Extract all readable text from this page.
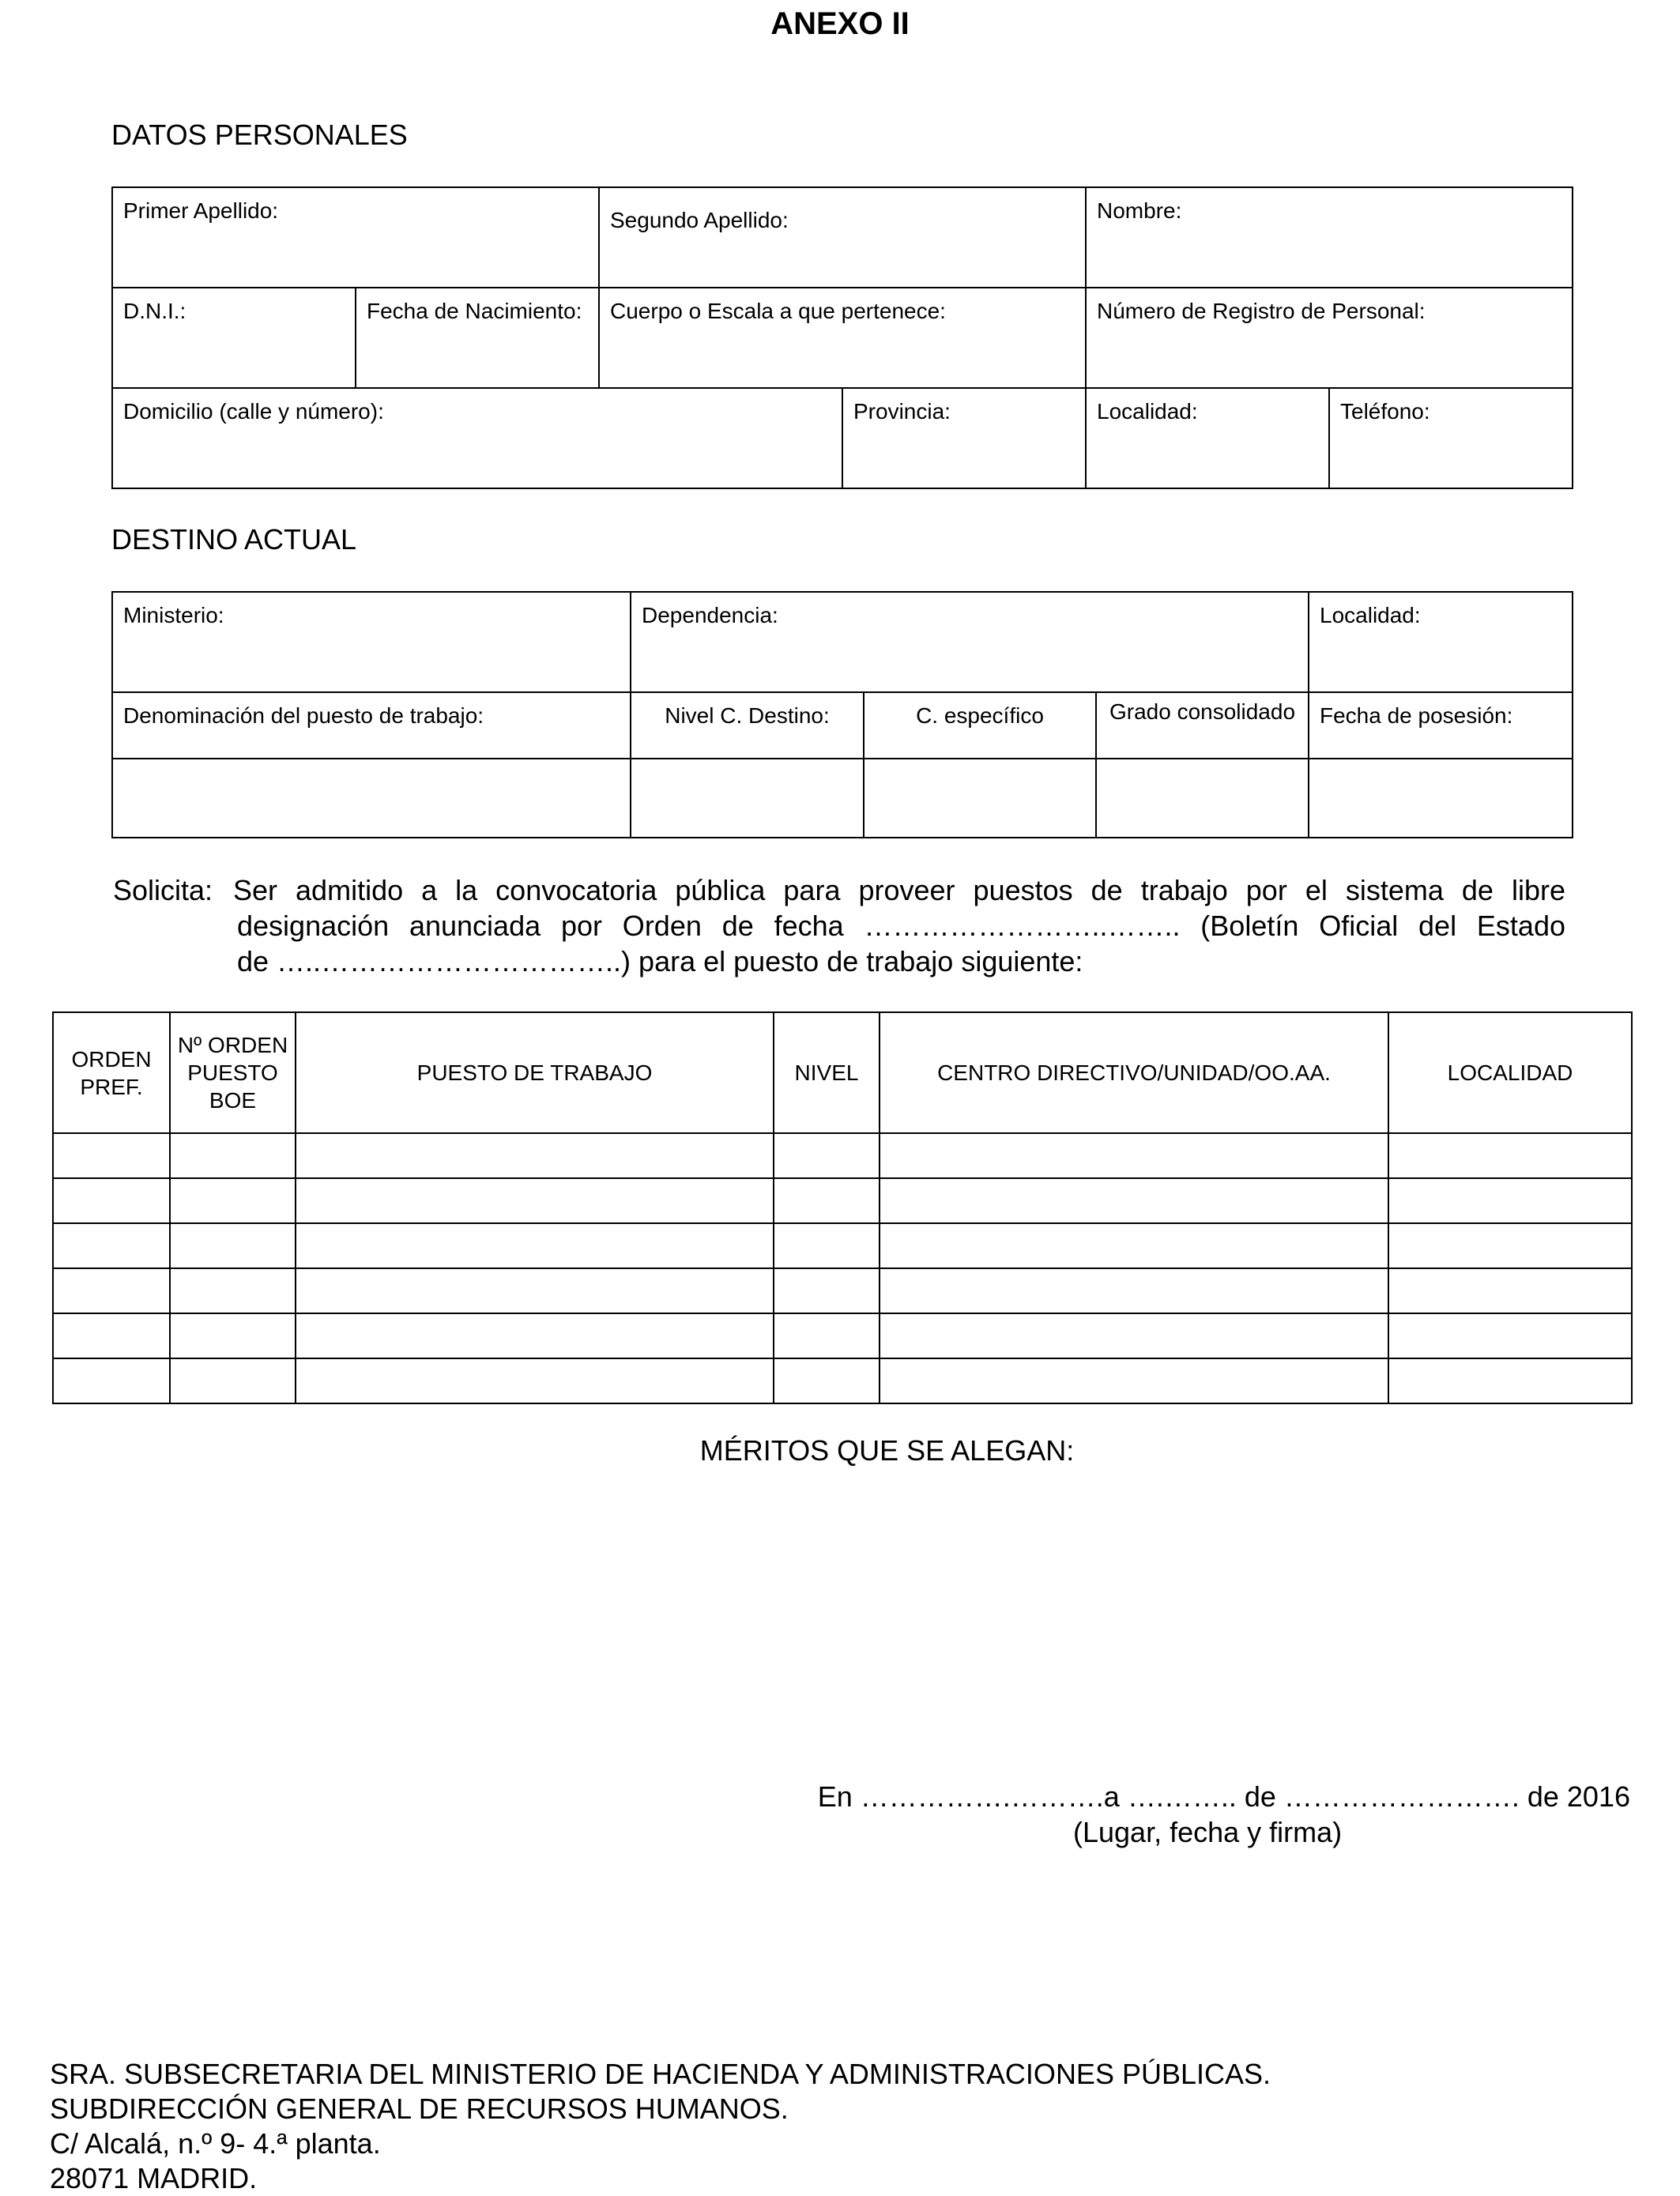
ANEXO II
DATOS PERSONALES
Primer Apellido:		Segundo Apellido:		Nombre:	
D.N.I.:	Fecha de Nacimiento:	Cuerpo o Escala a que pertenece:		Número de Registro de Personal:	
Domicilio (calle y número):			Provincia:	Localidad:	Teléfono:
DESTINO ACTUAL
Ministerio:	Dependencia:			Localidad:
Denominación del puesto de trabajo:	Nivel C. Destino:	C. específico	Grado consolidado	Fecha de posesión:

Solicita: Ser admitido a la convocatoria pública para proveer puestos de trabajo por el sistema de libre
designación anunciada por Orden de fecha ……………………..…….. (Boletín Oficial del Estado
de …..…………………………..) para el puesto de trabajo siguiente:
ORDEN PREF.	Nº ORDEN PUESTO BOE	PUESTO DE TRABAJO	NIVEL	CENTRO DIRECTIVO/UNIDAD/OO.AA.	LOCALIDAD

MÉRITOS QUE SE ALEGAN:
En …………….……….a ….…….. de ……………………. de 2016
(Lugar, fecha y firma)
SRA. SUBSECRETARIA DEL MINISTERIO DE HACIENDA Y ADMINISTRACIONES PÚBLICAS.
SUBDIRECCIÓN GENERAL DE RECURSOS HUMANOS.
C/ Alcalá, n.º 9- 4.ª planta.
28071 MADRID.
